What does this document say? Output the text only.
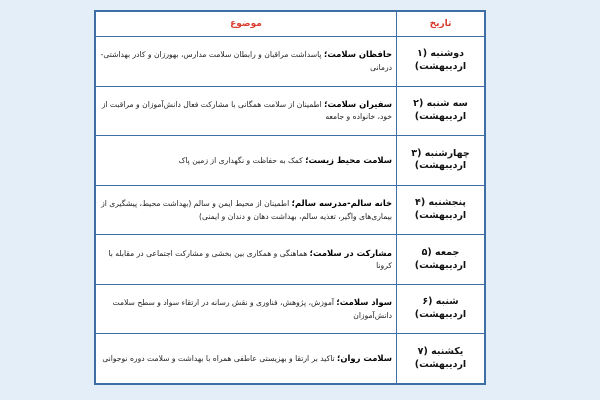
تاریخ	موضوع
دوشنبه (۱ اردیبهشت)	حافظان سلامت؛ پاسداشت مراقبان و رابطان سلامت مدارس، بهورزان و کادر بهداشتی- درمانی
سه شنبه (۲ اردیبهشت)	سفیران سلامت؛ اطمینان از سلامت همگانی با مشارکت فعال دانش‌آموزان و مراقبت از خود، خانواده و جامعه
چهارشنبه (۳ اردیبهشت)	سلامت محیط زیست؛ کمک به حفاظت و نگهداری از زمین پاک
پنجشنبه (۴ اردیبهشت)	خانه سالم-مدرسه سالم؛ اطمینان از محیط ایمن و سالم (بهداشت محیط، پیشگیری از بیماری‌های واگیر، تغذیه سالم، بهداشت دهان و دندان و ایمنی)
جمعه (۵ اردیبهشت)	مشارکت در سلامت؛ هماهنگی و همکاری بین بخشی و مشارکت اجتماعی در مقابله با کرونا
شنبه (۶ اردیبهشت)	سواد سلامت؛ آموزش، پژوهش، فناوری و نقش رسانه در ارتقاء سواد و سطح سلامت دانش‌آموزان
یکشنبه (۷ اردیبهشت)	سلامت روان؛ تاکید بر ارتقا و بهزیستی عاطفی همراه با بهداشت و سلامت دوره نوجوانی
